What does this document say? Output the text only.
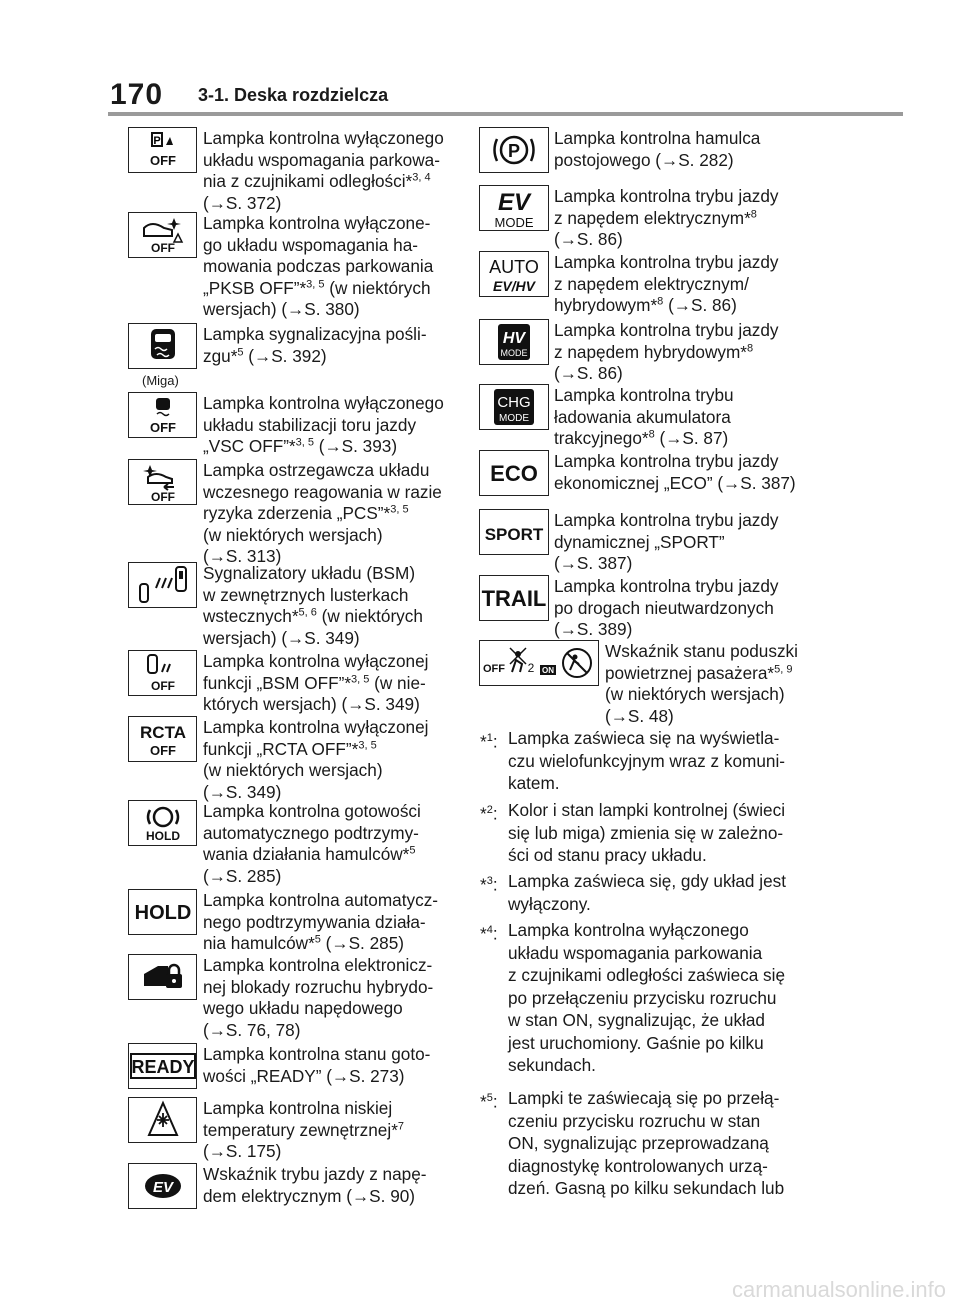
170 3-1. Deska rozdzielcza
P
OFF
Lampka kontrolna wyłączonego
układu wspomagania parkowa-
nia z czujnikami odległości*$^{3, 4}$
(→S. 372)
OFF
Lampka kontrolna wyłączone-
go układu wspomagania ha-
mowania podczas parkowania
„PKSB OFF”*$^{3, 5}$ (w niektórych
wersjach) (→S. 380)
Lampka sygnalizacyjna pośli-
zgu*$^5$ (→S. 392)
(Miga)
OFF
Lampka kontrolna wyłączonego
układu stabilizacji toru jazdy
„VSC OFF”*$^{3, 5}$ (→S. 393)
OFF
Lampka ostrzegawcza układu
wczesnego reagowania w razie
ryzyka zderzenia „PCS”*$^{3, 5}$
(w niektórych wersjach)
(→S. 313)
Sygnalizatory układu (BSM)
w zewnętrznych lusterkach
wstecznych*$^{5, 6}$ (w niektórych
wersjach) (→S. 349)
OFF
Lampka kontrolna wyłączonej
funkcji „BSM OFF”*$^{3, 5}$ (w nie-
których wersjach) (→S. 349)
RCTA
OFF
Lampka kontrolna wyłączonej
funkcji „RCTA OFF”*$^{3, 5}$
(w niektórych wersjach)
(→S. 349)
HOLD
Lampka kontrolna gotowości
automatycznego podtrzymy-
wania działania hamulców*$^5$
(→S. 285)
HOLD
Lampka kontrolna automatycz-
nego podtrzymywania działa-
nia hamulców*$^5$ (→S. 285)
Lampka kontrolna elektronicz-
nej blokady rozruchu hybrydo-
wego układu napędowego
(→S. 76, 78)
READY
Lampka kontrolna stanu goto-
wości „READY” (→S. 273)
Lampka kontrolna niskiej
temperatury zewnętrznej*$^7$
(→S. 175)
EV
Wskaźnik trybu jazdy z napę-
dem elektrycznym (→S. 90)
P
Lampka kontrolna hamulca
postojowego (→S. 282)
EV
MODE
Lampka kontrolna trybu jazdy
z napędem elektrycznym*$^8$
(→S. 86)
AUTO
EV/HV
Lampka kontrolna trybu jazdy
z napędem elektrycznym/
hybrydowym*$^8$ (→S. 86)
HV
MODE
Lampka kontrolna trybu jazdy
z napędem hybrydowym*$^8$
(→S. 86)
CHG
MODE
Lampka kontrolna trybu
ładowania akumulatora
trakcyjnego*$^8$ (→S. 87)
ECO Lampka kontrolna trybu jazdy
ekonomicznej „ECO” (→S. 387)
SPORT
Lampka kontrolna trybu jazdy
dynamicznej „SPORT”
(→S. 387)
TRAIL Lampka kontrolna trybu jazdy
po drogach nieutwardzonych
(→S. 389)
OFF 2 ON
Wskaźnik stanu poduszki
powietrznej pasażera*$^{5, 9}$
(w niektórych wersjach)
(→S. 48)
*$^1$: Lampka zaświeca się na wyświetla-
czu wielofunkcyjnym wraz z komuni-
katem.
*$^2$: Kolor i stan lampki kontrolnej (świeci
się lub miga) zmienia się w zależno-
ści od stanu pracy układu.
*$^3$: Lampka zaświeca się, gdy układ jest
wyłączony.
*$^4$: Lampka kontrolna wyłączonego
układu wspomagania parkowania
z czujnikami odległości zaświeca się
po przełączeniu przycisku rozruchu
w stan ON, sygnalizując, że układ
jest uruchomiony. Gaśnie po kilku
sekundach.
*$^5$: Lampki te zaświecają się po przełą-
czeniu przycisku rozruchu w stan
ON, sygnalizując przeprowadzaną
diagnostykę kontrolowanych urzą-
dzeń. Gasną po kilku sekundach lub
carmanualsonline.info
